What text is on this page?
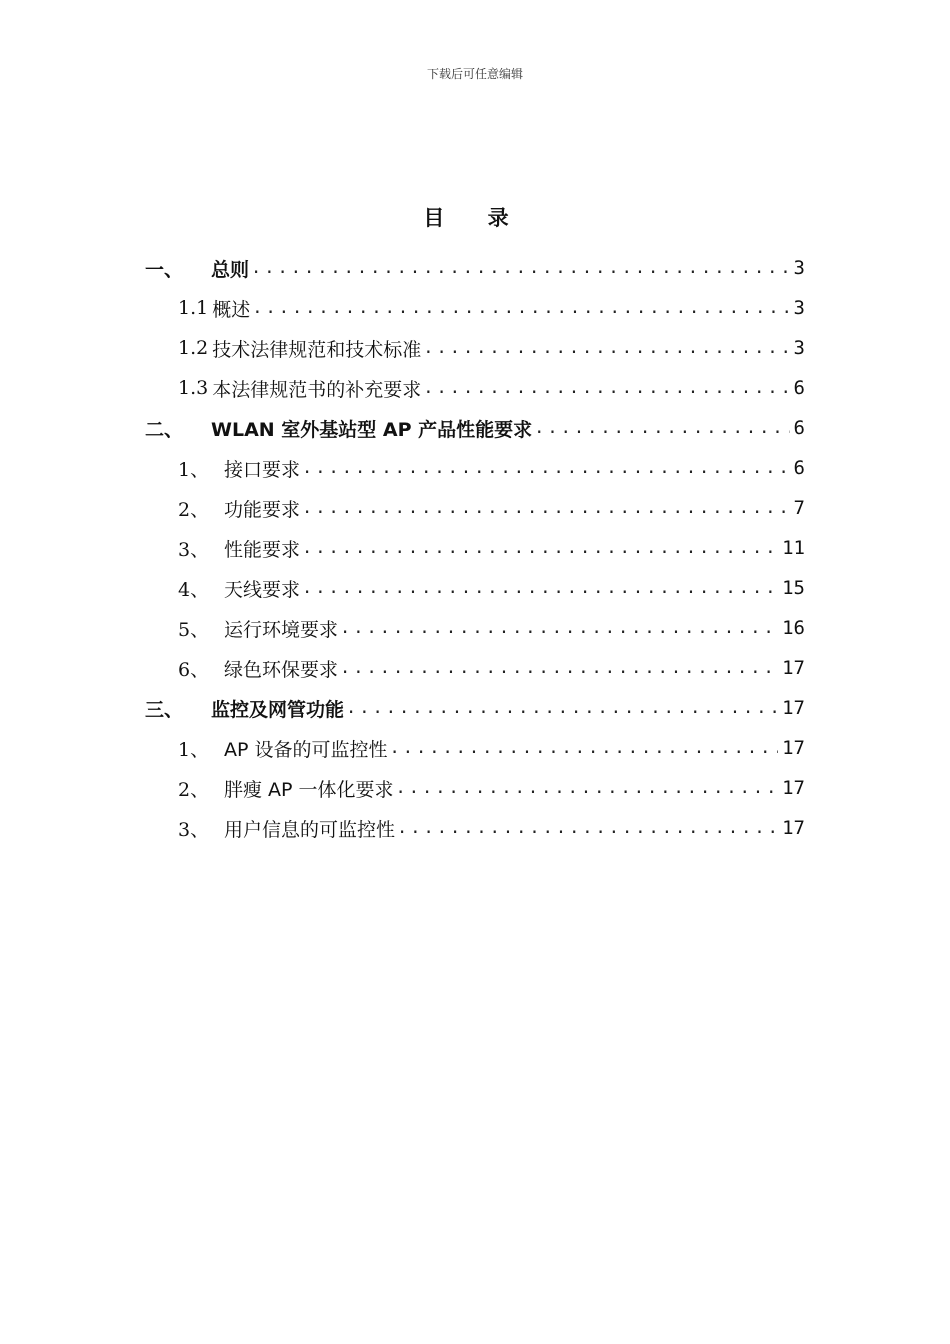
下载后可任意编辑
目 录
一、	总则 .....	3
1.1 概述 .....	3
1.2 技术法律规范和技术标准 .....	3
1.3 本法律规范书的补充要求 .....	6
二、	WLAN 室外基站型 AP 产品性能要求 .....	6
1、 接口要求 .....	6
2、 功能要求 .....	7
3、 性能要求 .....	11
4、 天线要求 .....	15
5、 运行环境要求 .....	16
6、 绿色环保要求 .....	17
三、	监控及网管功能 .....	17
1、 AP 设备的可监控性 .....	17
2、 胖瘦 AP 一体化要求 .....	17
3、 用户信息的可监控性 .....	17
